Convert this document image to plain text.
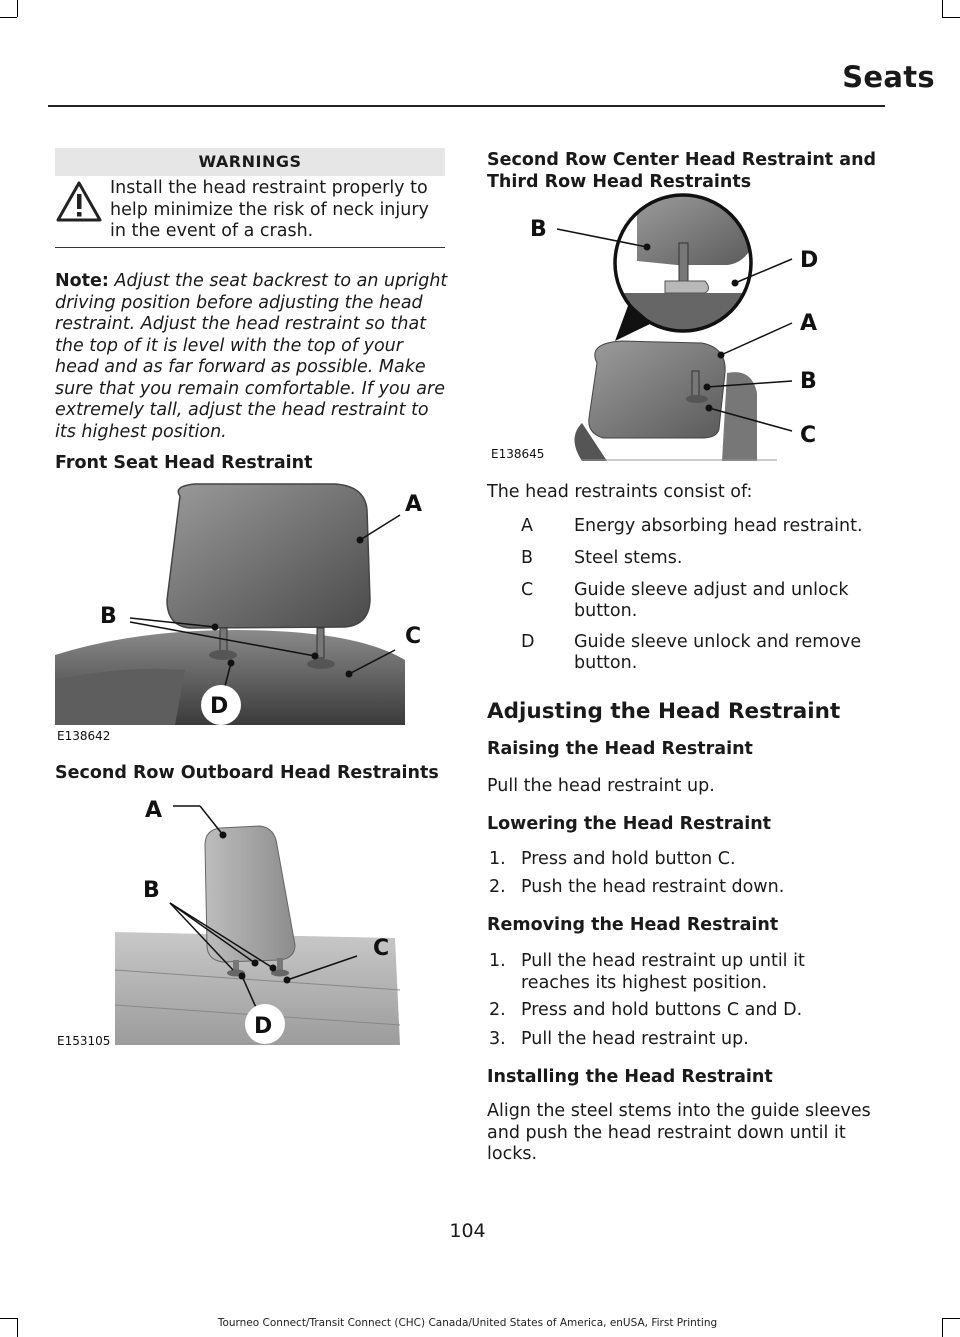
Seats
WARNINGS
Install the head restraint properly to help minimize the risk of neck injury in the event of a crash.
Note: Adjust the seat backrest to an upright driving position before adjusting the head restraint. Adjust the head restraint so that the top of it is level with the top of your head and as far forward as possible. Make sure that you remain comfortable. If you are extremely tall, adjust the head restraint to its highest position.
Front Seat Head Restraint
A
B
C
D
E138642
Second Row Outboard Head Restraints
A
B
C
D
E153105
Second Row Center Head Restraint and
Third Row Head Restraints
B
D
A
B
C
E138645
The head restraints consist of:
A Energy absorbing head restraint.
B Steel stems.
C Guide sleeve adjust and unlock button.
D Guide sleeve unlock and remove button.
Adjusting the Head Restraint
Raising the Head Restraint
Pull the head restraint up.
Lowering the Head Restraint
1. Press and hold button C.
2. Push the head restraint down.
Removing the Head Restraint
1. Pull the head restraint up until it reaches its highest position.
2. Press and hold buttons C and D.
3. Pull the head restraint up.
Installing the Head Restraint
Align the steel stems into the guide sleeves and push the head restraint down until it locks.
104
Tourneo Connect/Transit Connect (CHC) Canada/United States of America, enUSA, First Printing
